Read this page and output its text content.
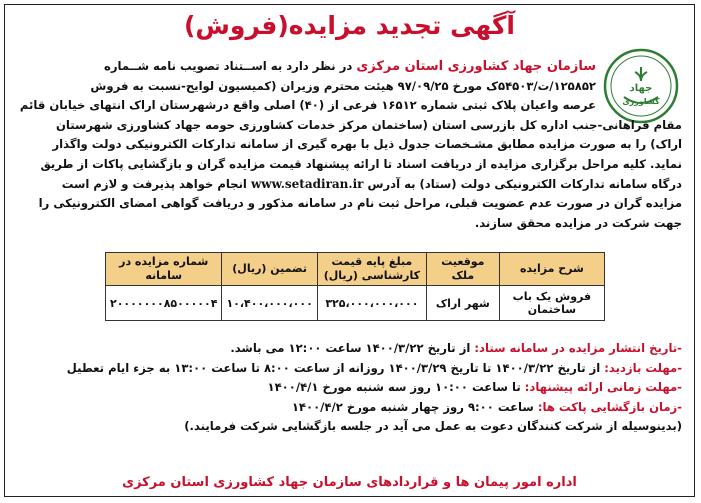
آگهی تجدید مزایده(فروش)
جهاد
کشاورزی
سازمان جهاد کشاورزی استان مرکزی در نظر دارد به اســتناد تصویب نامه شــماره
۱۲۵۸۵۲/ت/۵۴۵۰۳ک مورخ ۹۷/۰۹/۲۵ هیئت محترم وزیران (کمیسیون لوایح-نسبت به فروش
عرصه واعیان پلاک ثبتی شماره ۱۶۵۱۲ فرعی از (۴۰) اصلی واقع درشهرستان اراک انتهای خیابان قائم
مقام فراهانی-جنب اداره کل بازرسی استان (ساختمان مرکز خدمات کشاورزی حومه جهاد کشاورزی شهرستان
اراک) را به صورت مزایده مطابق مشـخصات جدول ذیل با بهره گیری از سامانه تدارکات الکترونیکی دولت واگذار
نماید. کلیه مراحل برگزاری مزایده از دریافت اسناد تا ارائه پیشنهاد قیمت مزایده گران و بازگشایی پاکات از طریق
درگاه سامانه تدارکات الکترونیکی دولت (ستاد) به آدرس www.setadiran.ir انجام خواهد پذیرفت و لازم است
مزایده گران در صورت عدم عضویت قبلی، مراحل ثبت نام در سامانه مذکور و دریافت گواهی امضای الکترونیکی را
جهت شرکت در مزایده محقق سازند.
شرح مزایده	موقعیت ملک	مبلغ پایه قیمت کارشناسی (ریال)	تضمین (ریال)	شماره مزایده در سامانه
فروش یک باب ساختمان	شهر اراک	۳۲۵،۰۰۰،۰۰۰،۰۰۰	۱۰،۴۰۰،۰۰۰،۰۰۰	۲۰۰۰۰۰۰۰۸۵۰۰۰۰۰۴
-تاریخ انتشار مزایده در سامانه ستاد: از تاریخ ۱۴۰۰/۳/۲۲ ساعت ۱۲:۰۰ می باشد.
-مهلت بازدید: از تاریخ ۱۴۰۰/۳/۲۲ تا تاریخ ۱۴۰۰/۳/۲۹ روزانه از ساعت ۸:۰۰ تا ساعت ۱۳:۰۰ به جزء ایام تعطیل
-مهلت زمانی ارائه پیشنهاد: تا ساعت ۱۰:۰۰ روز سه شنبه مورخ ۱۴۰۰/۴/۱
-زمان بازگشایی پاکت ها: ساعت ۹:۰۰ روز چهار شنبه مورخ ۱۴۰۰/۴/۲
(بدینوسیله از شرکت کنندگان دعوت به عمل می آید در جلسه بازگشایی شرکت فرمایند.)
اداره امور پیمان ها و قراردادهای سازمان جهاد کشاورزی استان مرکزی
